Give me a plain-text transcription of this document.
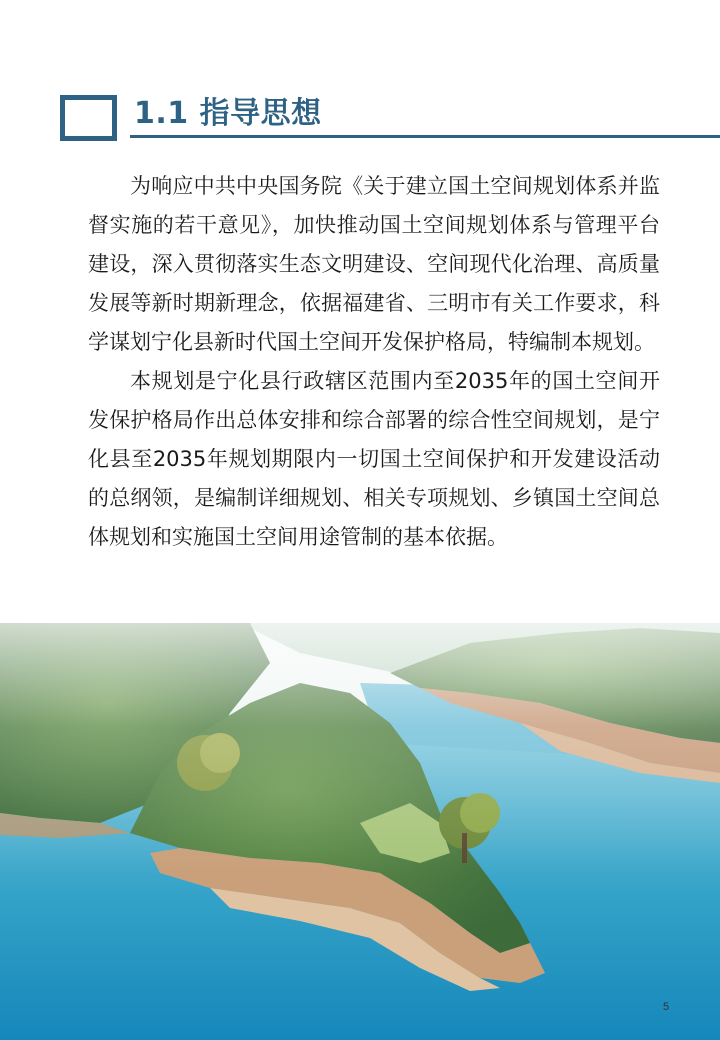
1.1 指导思想

为响应中共中央国务院《关于建立国土空间规划体系并监督实施的若干意见》，加快推动国土空间规划体系与管理平台建设，深入贯彻落实生态文明建设、空间现代化治理、高质量发展等新时期新理念，依据福建省、三明市有关工作要求，科学谋划宁化县新时代国土空间开发保护格局，特编制本规划。

本规划是宁化县行政辖区范围内至2035年的国土空间开发保护格局作出总体安排和综合部署的综合性空间规划，是宁化县至2035年规划期限内一切国土空间保护和开发建设活动的总纲领，是编制详细规划、相关专项规划、乡镇国土空间总体规划和实施国土空间用途管制的基本依据。

5
